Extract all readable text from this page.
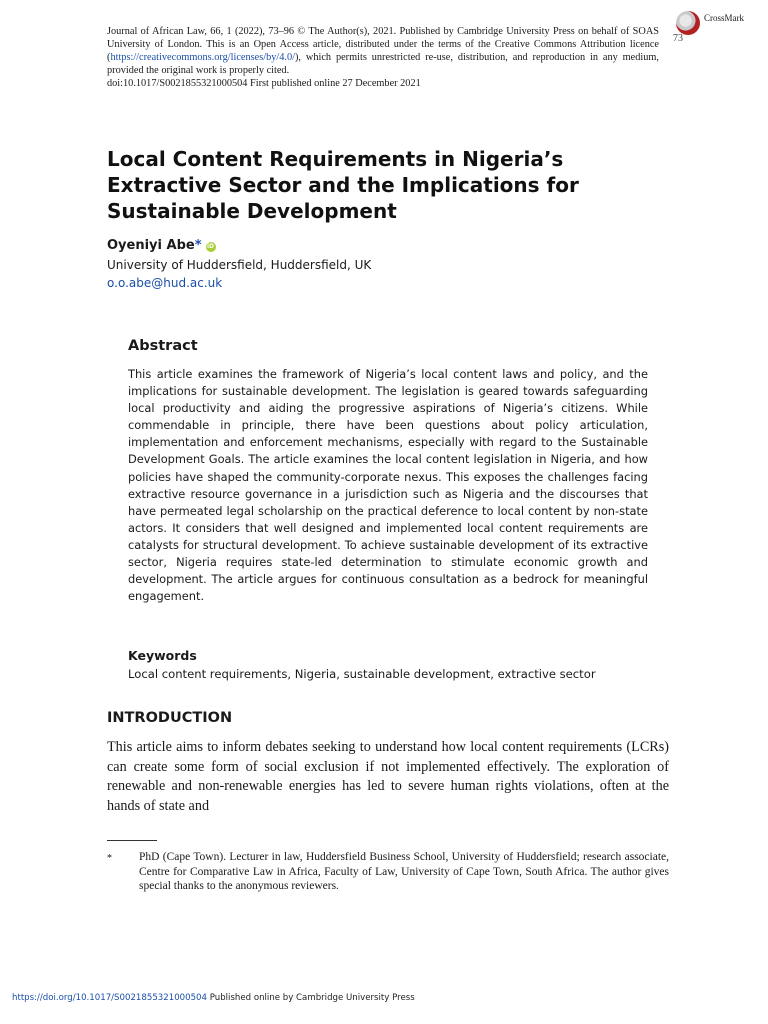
Journal of African Law, 66, 1 (2022), 73–96 © The Author(s), 2021. Published by Cambridge University Press on behalf of SOAS University of London. This is an Open Access article, distributed under the terms of the Creative Commons Attribution licence (https://creativecommons.org/licenses/by/4.0/), which permits unrestricted re-use, distribution, and reproduction in any medium, provided the original work is properly cited.
doi:10.1017/S0021855321000504 First published online 27 December 2021
CrossMark
73
Local Content Requirements in Nigeria’s Extractive Sector and the Implications for Sustainable Development
Oyeniyi Abe* iD
University of Huddersfield, Huddersfield, UK
o.o.abe@hud.ac.uk
Abstract

This article examines the framework of Nigeria’s local content laws and policy, and the implications for sustainable development. The legislation is geared towards safeguarding local productivity and aiding the progressive aspirations of Nigeria’s citizens. While commendable in principle, there have been questions about policy articulation, implementation and enforcement mechanisms, especially with regard to the Sustainable Development Goals. The article examines the local content legislation in Nigeria, and how policies have shaped the community-corporate nexus. This exposes the challenges facing extractive resource governance in a jurisdiction such as Nigeria and the discourses that have permeated legal scholarship on the practical deference to local content by non-state actors. It considers that well designed and implemented local content requirements are catalysts for structural development. To achieve sustainable development of its extractive sector, Nigeria requires state-led determination to stimulate economic growth and development. The article argues for continuous consultation as a bedrock for meaningful engagement.

Keywords
Local content requirements, Nigeria, sustainable development, extractive sector
INTRODUCTION

This article aims to inform debates seeking to understand how local content requirements (LCRs) can create some form of social exclusion if not implemented effectively. The exploration of renewable and non-renewable energies has led to severe human rights violations, often at the hands of state and

* PhD (Cape Town). Lecturer in law, Huddersfield Business School, University of Huddersfield; research associate, Centre for Comparative Law in Africa, Faculty of Law, University of Cape Town, South Africa. The author gives special thanks to the anonymous reviewers.

https://doi.org/10.1017/S0021855321000504 Published online by Cambridge University Press
